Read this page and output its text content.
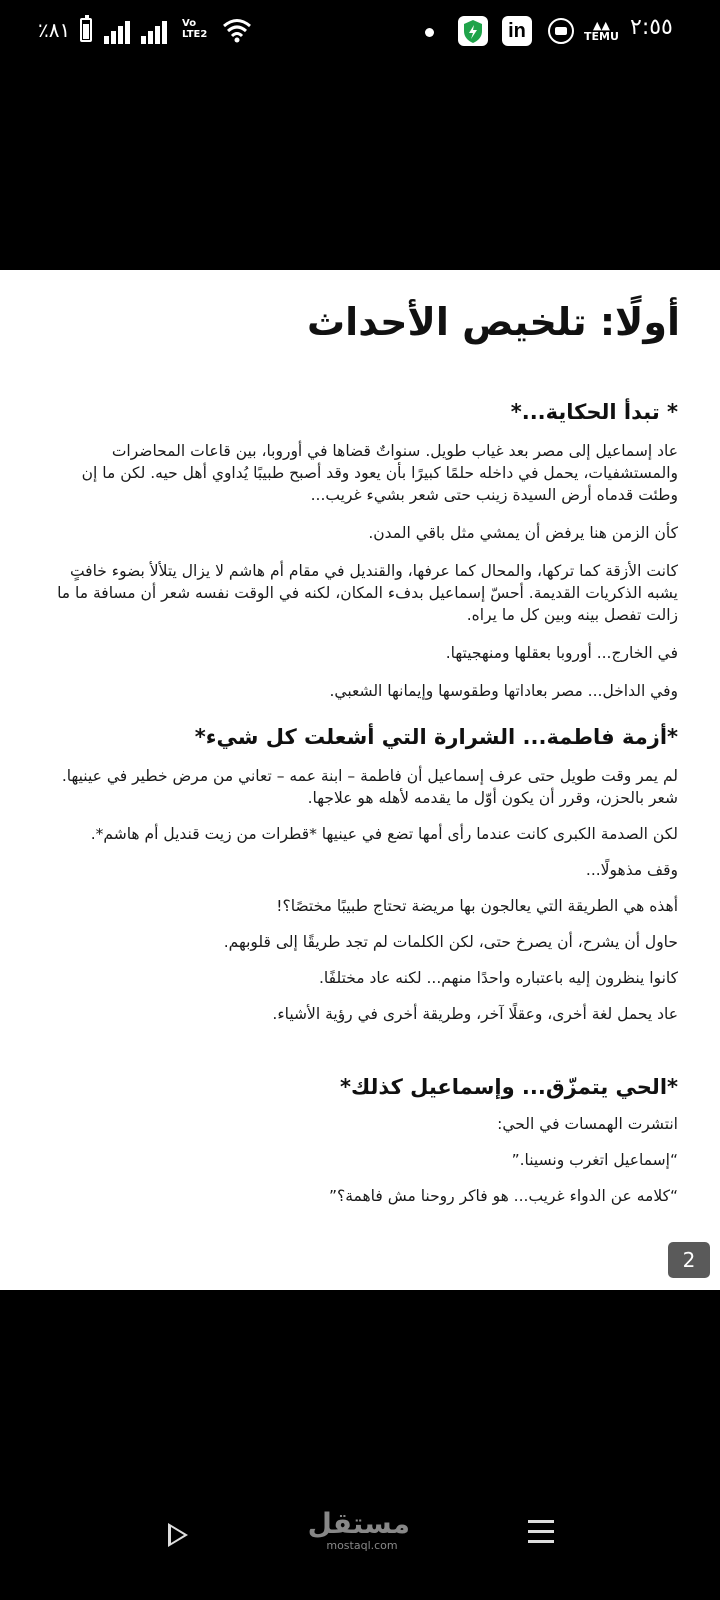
٪٨١	Vo LTE2	in	▲▲
TEMU ٢:٥٥
أولًا: تلخيص الأحداث
* تبدأ الحكاية...*

عاد إسماعيل إلى مصر بعد غياب طويل. سنواتٌ قضاها في أوروبا، بين قاعات المحاضرات والمستشفيات، يحمل في داخله حلمًا كبيرًا بأن يعود وقد أصبح طبيبًا يُداوي أهل حيه. لكن ما إن وطئت قدماه أرض السيدة زينب حتى شعر بشيء غريب...

كأن الزمن هنا يرفض أن يمشي مثل باقي المدن.

كانت الأزقة كما تركها، والمحال كما عرفها، والقنديل في مقام أم هاشم لا يزال يتلألأ بضوء خافتٍ يشبه الذكريات القديمة. أحسّ إسماعيل بدفء المكان، لكنه في الوقت نفسه شعر أن مسافة ما ما زالت تفصل بينه وبين كل ما يراه.

في الخارج... أوروبا بعقلها ومنهجيتها.

وفي الداخل... مصر بعاداتها وطقوسها وإيمانها الشعبي.

*أزمة فاطمة... الشرارة التي أشعلت كل شيء*

لم يمر وقت طويل حتى عرف إسماعيل أن فاطمة – ابنة عمه – تعاني من مرض خطير في عينيها. شعر بالحزن، وقرر أن يكون أوّل ما يقدمه لأهله هو علاجها.

لكن الصدمة الكبرى كانت عندما رأى أمها تضع في عينيها *قطرات من زيت قنديل أم هاشم*.

وقف مذهولًا...

أهذه هي الطريقة التي يعالجون بها مريضة تحتاج طبيبًا مختصًا؟!

حاول أن يشرح، أن يصرخ حتى، لكن الكلمات لم تجد طريقًا إلى قلوبهم.

كانوا ينظرون إليه باعتباره واحدًا منهم... لكنه عاد مختلفًا.

عاد يحمل لغة أخرى، وعقلًا آخر، وطريقة أخرى في رؤية الأشياء.

*الحي يتمزّق... وإسماعيل كذلك*

انتشرت الهمسات في الحي:

“إسماعيل اتغرب ونسينا.”

“كلامه عن الدواء غريب... هو فاكر روحنا مش فاهمة؟”

2
مستقل
mostaql.com
